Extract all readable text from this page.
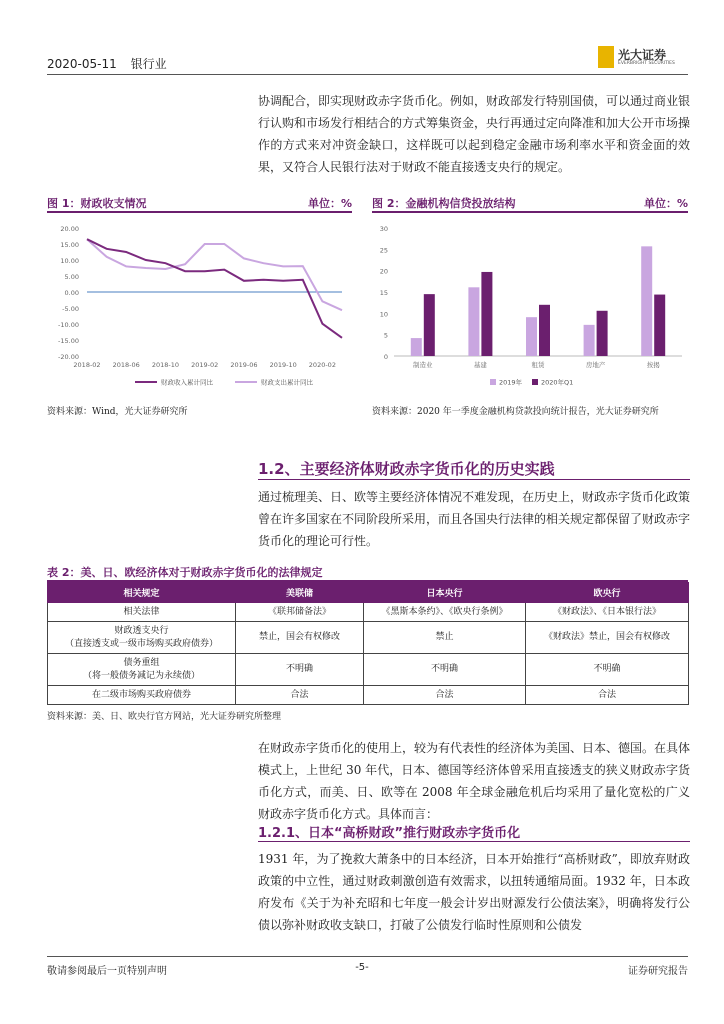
2020-05-11 银行业
光大证券
EVERBRIGHT SECURITIES
协调配合，即实现财政赤字货币化。例如，财政部发行特别国债，可以通过商业银行认购和市场发行相结合的方式筹集资金，央行再通过定向降准和加大公开市场操作的方式来对冲资金缺口，这样既可以起到稳定金融市场利率水平和资金面的效果，又符合人民银行法对于财政不能直接透支央行的规定。
图 1：财政收支情况	单位：%
20.00
15.00
10.00
5.00
0.00
-5.00
-10.00
-15.00
-20.00
2018-02 2018-06 2018-10 2019-02 2019-06 2019-10 2020-02
财政收入累计同比	财政支出累计同比
资料来源：Wind，光大证券研究所
图 2：金融机构信贷投放结构	单位：%
0
5
10
15
20
25
30
制造业	基建	租赁	房地产	按揭
2019年	2020年Q1
资料来源：2020 年一季度金融机构贷款投向统计报告，光大证券研究所
1.2、主要经济体财政赤字货币化的历史实践
通过梳理美、日、欧等主要经济体情况不难发现，在历史上，财政赤字货币化政策曾在许多国家在不同阶段所采用，而且各国央行法律的相关规定都保留了财政赤字货币化的理论可行性。
表 2：美、日、欧经济体对于财政赤字货币化的法律规定
相关规定	美联储	日本央行	欧央行
相关法律	《联邦储备法》	《黑斯本条约》、《欧央行条例》	《财政法》、《日本银行法》
财政透支央行
（直接透支或一级市场购买政府债券）	禁止，国会有权修改	禁止	《财政法》禁止，国会有权修改
债务重组
（将一般债务减记为永续债）	不明确	不明确	不明确
在二级市场购买政府债券	合法	合法	合法
资料来源：美、日、欧央行官方网站，光大证券研究所整理
在财政赤字货币化的使用上，较为有代表性的经济体为美国、日本、德国。在具体模式上，上世纪 30 年代，日本、德国等经济体曾采用直接透支的狭义财政赤字货币化方式，而美、日、欧等在 2008 年全球金融危机后均采用了量化宽松的广义财政赤字货币化方式。具体而言：
1.2.1、日本“高桥财政”推行财政赤字货币化
1931 年，为了挽救大萧条中的日本经济，日本开始推行“高桥财政”，即放弃财政政策的中立性，通过财政刺激创造有效需求，以扭转通缩局面。1932 年，日本政府发布《关于为补充昭和七年度一般会计岁出财源发行公债法案》，明确将发行公债以弥补财政收支缺口，打破了公债发行临时性原则和公债发
敬请参阅最后一页特别声明	-5-	证券研究报告
